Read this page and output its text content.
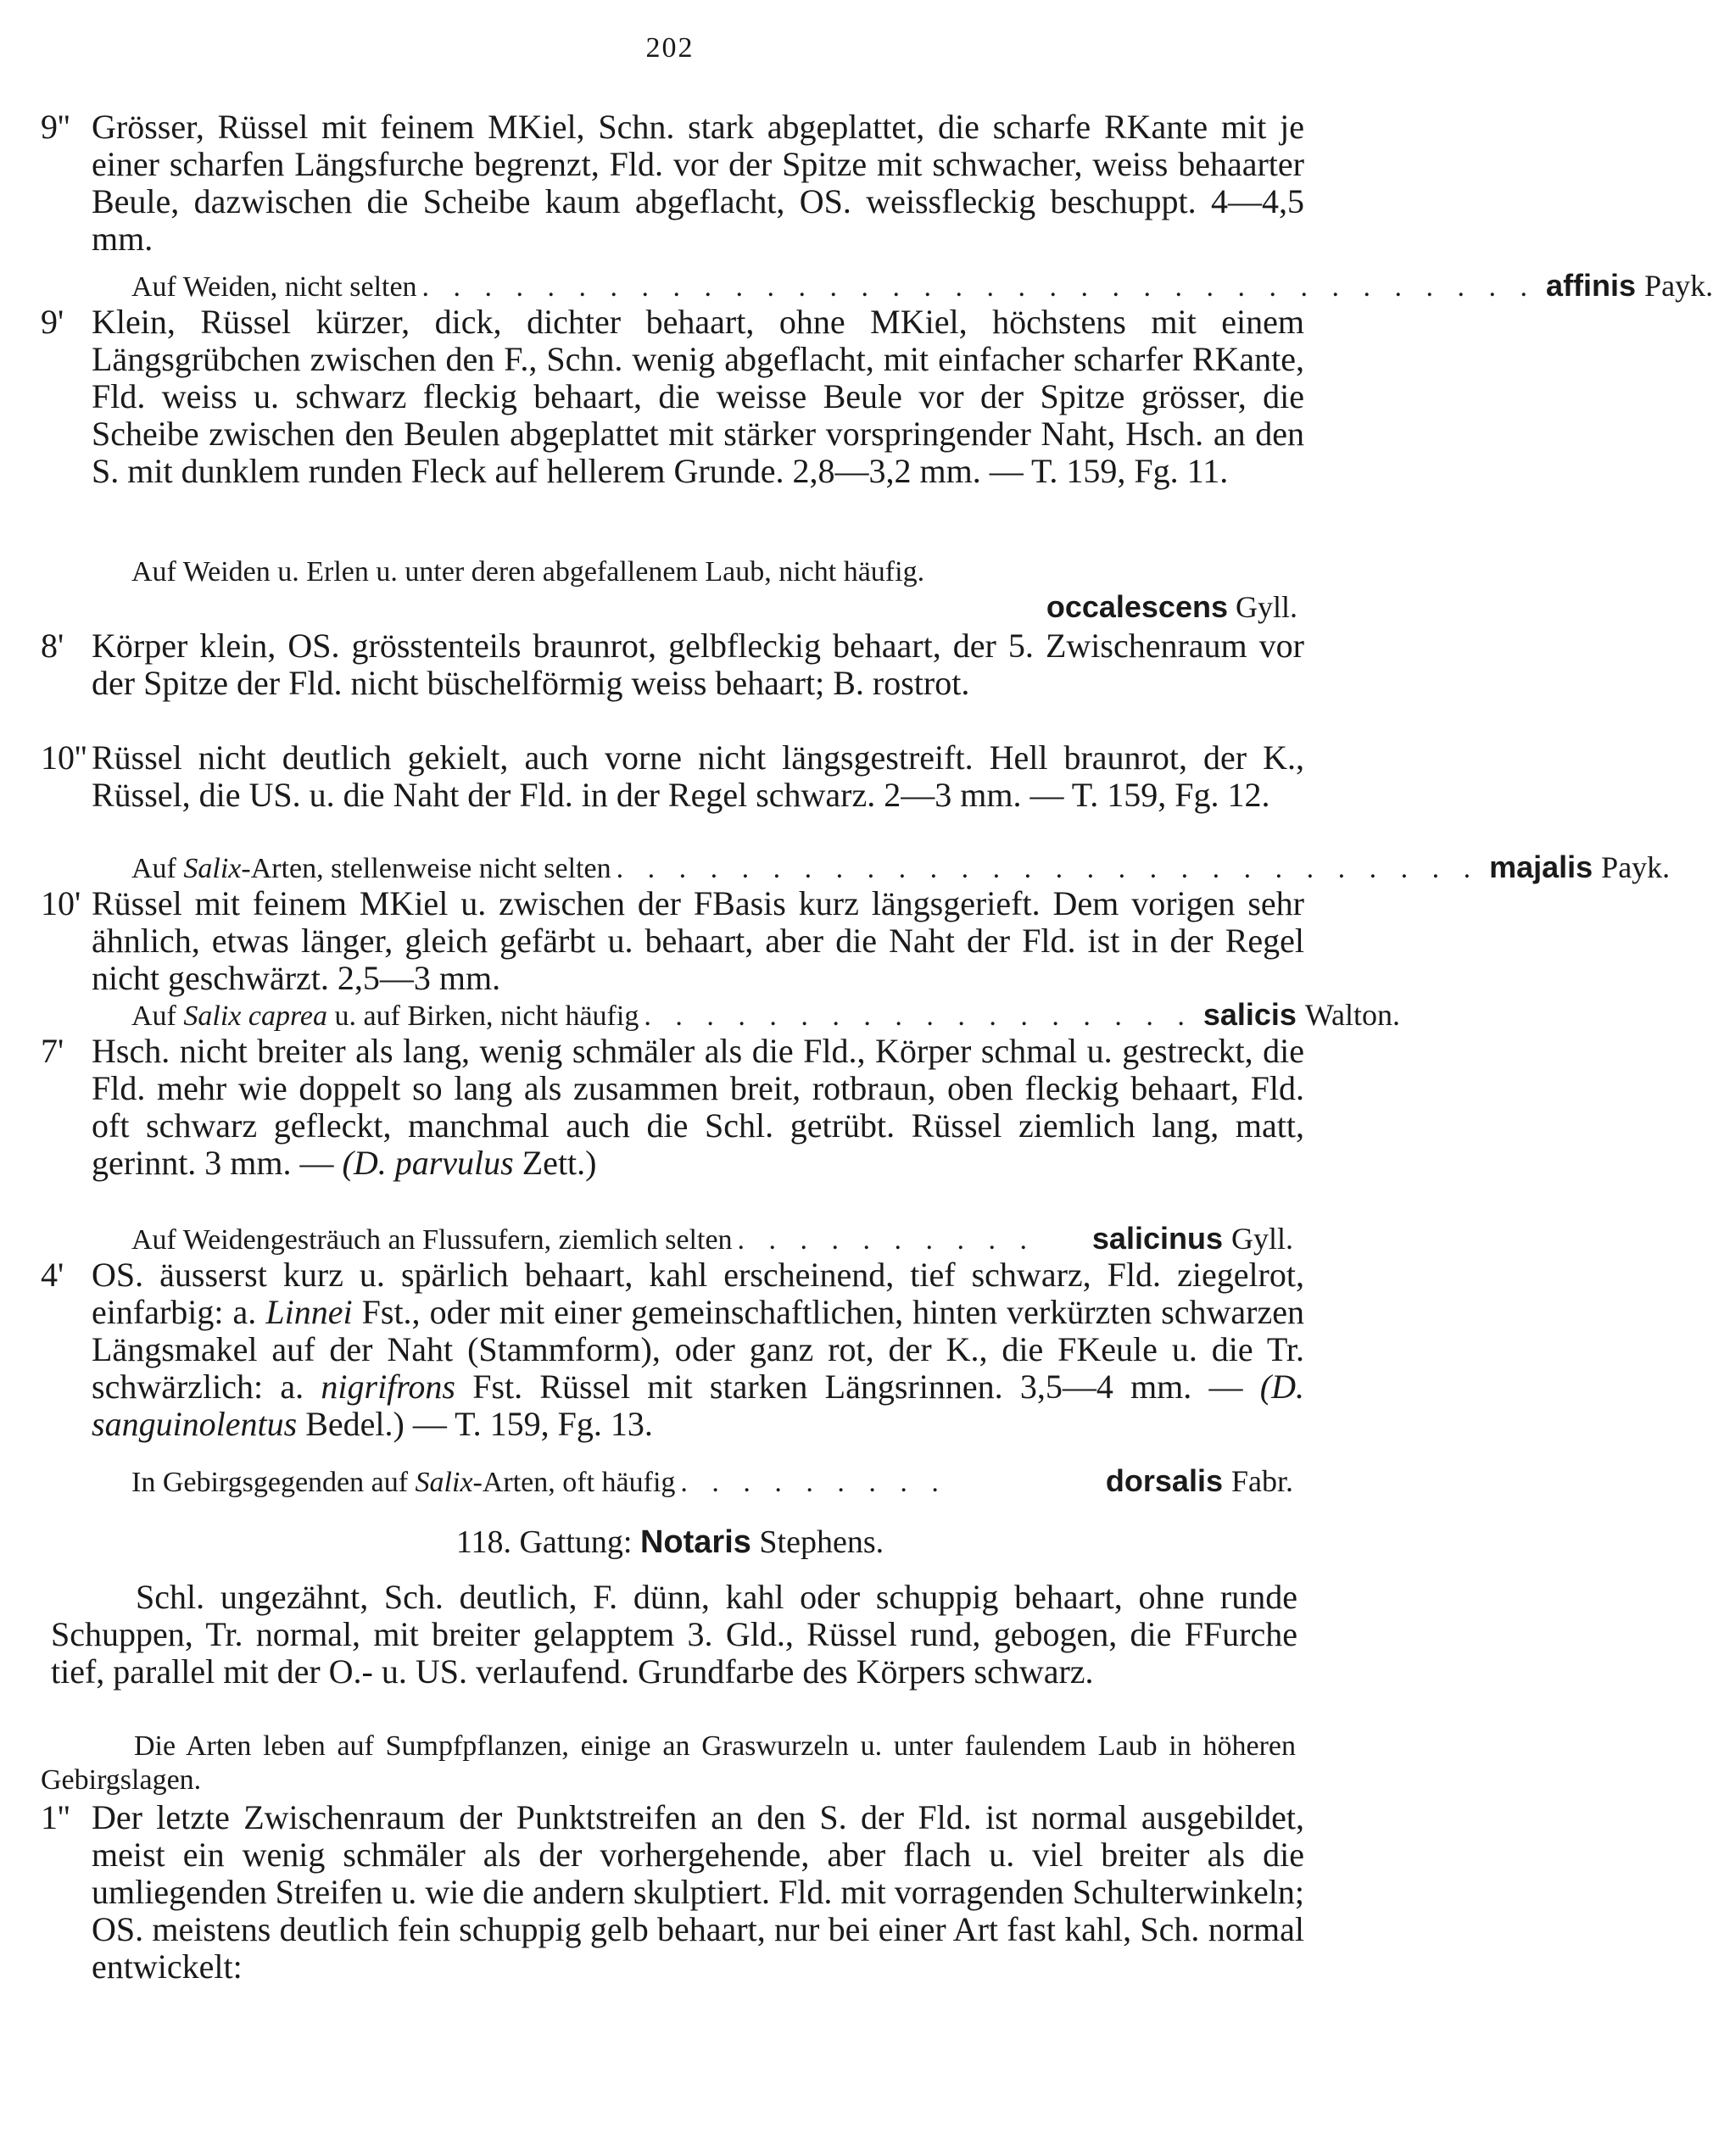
202
9'' Grösser, Rüssel mit feinem MKiel, Schn. stark abgeplattet, die scharfe RKante mit je einer scharfen Längsfurche begrenzt, Fld. vor der Spitze mit schwacher, weiss behaarter Beule, dazwischen die Scheibe kaum abgeflacht, OS. weissfleckig beschuppt. 4—4,5 mm.
Auf Weiden, nicht selten . . . . . . . . . . . . . . . . . . . . . . . . . . . . . . . . . . . . affinis Payk.
9' Klein, Rüssel kürzer, dick, dichter behaart, ohne MKiel, höchstens mit einem Längsgrübchen zwischen den F., Schn. wenig abgeflacht, mit einfacher scharfer RKante, Fld. weiss u. schwarz fleckig behaart, die weisse Beule vor der Spitze grösser, die Scheibe zwischen den Beulen abgeplattet mit stärker vorspringender Naht, Hsch. an den S. mit dunklem runden Fleck auf hellerem Grunde. 2,8—3,2 mm. — T. 159, Fg. 11.
Auf Weiden u. Erlen u. unter deren abgefallenem Laub, nicht häufig.
occalescens Gyll.
8' Körper klein, OS. grösstenteils braunrot, gelbfleckig behaart, der 5. Zwischenraum vor der Spitze der Fld. nicht büschelförmig weiss behaart; B. rostrot.
10'' Rüssel nicht deutlich gekielt, auch vorne nicht längsgestreift. Hell braunrot, der K., Rüssel, die US. u. die Naht der Fld. in der Regel schwarz. 2—3 mm. — T. 159, Fg. 12.
Auf Salix-Arten, stellenweise nicht selten . . . . . . . . . . . . . . . . . . . . . . . . . . . . majalis Payk.
10' Rüssel mit feinem MKiel u. zwischen der FBasis kurz längsgerieft. Dem vorigen sehr ähnlich, etwas länger, gleich gefärbt u. behaart, aber die Naht der Fld. ist in der Regel nicht geschwärzt. 2,5—3 mm.
Auf Salix caprea u. auf Birken, nicht häufig . . . . . . . . . . . . . . . . . . salicis Walton.
7' Hsch. nicht breiter als lang, wenig schmäler als die Fld., Körper schmal u. gestreckt, die Fld. mehr wie doppelt so lang als zusammen breit, rotbraun, oben fleckig behaart, Fld. oft schwarz gefleckt, manchmal auch die Schl. getrübt. Rüssel ziemlich lang, matt, gerinnt. 3 mm. — (D. parvulus Zett.)
Auf Weidengesträuch an Flussufern, ziemlich selten . . . . . . . . . .	salicinus Gyll.
4' OS. äusserst kurz u. spärlich behaart, kahl erscheinend, tief schwarz, Fld. ziegelrot, einfarbig: a. Linnei Fst., oder mit einer gemeinschaftlichen, hinten verkürzten schwarzen Längsmakel auf der Naht (Stammform), oder ganz rot, der K., die FKeule u. die Tr. schwärzlich: a. nigrifrons Fst. Rüssel mit starken Längsrinnen. 3,5—4 mm. — (D. sanguinolentus Bedel.) — T. 159, Fg. 13.
In Gebirgsgegenden auf Salix-Arten, oft häufig . . . . . . . . .	dorsalis Fabr.
118. Gattung: Notaris Stephens.
Schl. ungezähnt, Sch. deutlich, F. dünn, kahl oder schuppig behaart, ohne runde Schuppen, Tr. normal, mit breiter gelapptem 3. Gld., Rüssel rund, gebogen, die FFurche tief, parallel mit der O.- u. US. verlaufend. Grundfarbe des Körpers schwarz.
Die Arten leben auf Sumpfpflanzen, einige an Graswurzeln u. unter faulendem Laub in höheren Gebirgslagen.
1'' Der letzte Zwischenraum der Punktstreifen an den S. der Fld. ist normal ausgebildet, meist ein wenig schmäler als der vorhergehende, aber flach u. viel breiter als die umliegenden Streifen u. wie die andern skulptiert. Fld. mit vorragenden Schulterwinkeln; OS. meistens deutlich fein schuppig gelb behaart, nur bei einer Art fast kahl, Sch. normal entwickelt:
